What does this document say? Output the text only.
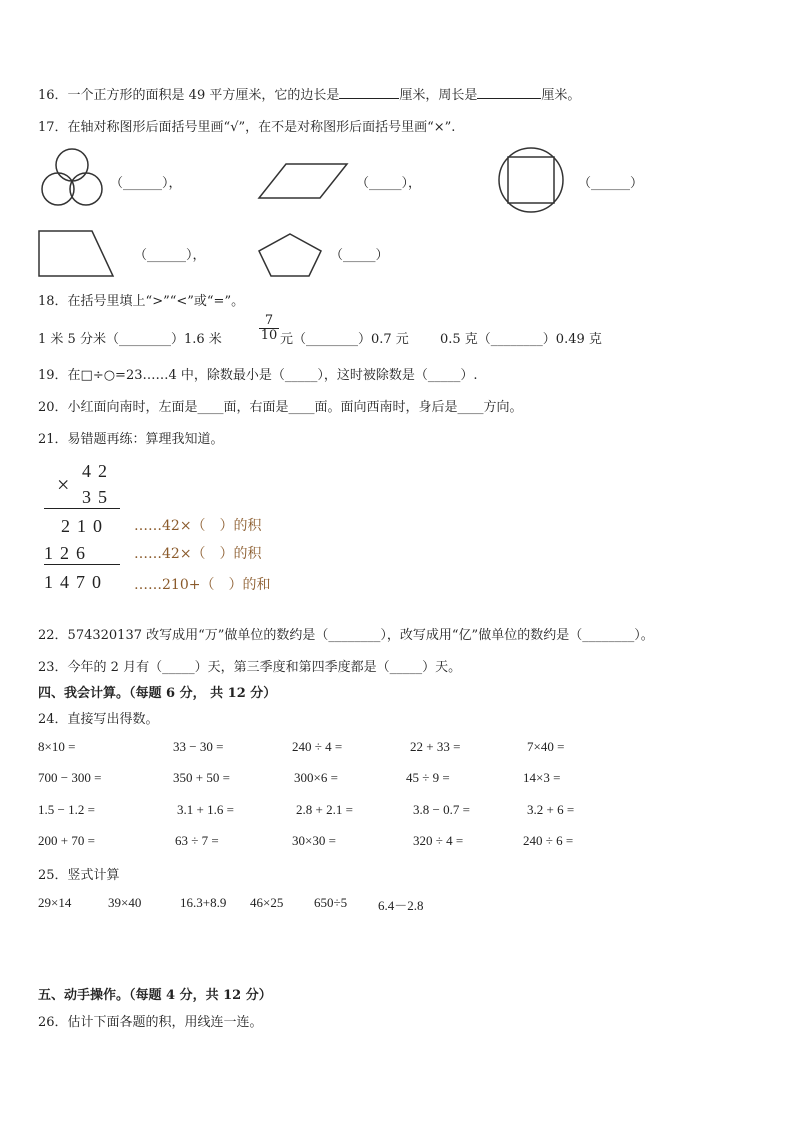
16．一个正方形的面积是 49 平方厘米，它的边长是	厘米，周长是	厘米。
17．在轴对称图形后面括号里画“√”，在不是对称图形后面括号里画“×”.
（______），	（_____），	（______）
（______），	（_____）
18．在括号里填上“>”“<”或“=”。
1 米 5 分米（________）1.6 米	$\frac{7}{10}$ 元（________）0.7 元 0.5 克（________）0.49 克
19．在□÷○=23……4 中，除数最小是（_____），这时被除数是（_____）.
20．小红面向南时，左面是____面，右面是____面。面向西南时，身后是____方向。
21．易错题再练：算理我知道。
×
42
35
210
126
1470
……42×（　）的积
……42×（　）的积
……210+（　）的和
22．574320137 改写成用“万”做单位的数约是（________），改写成用“亿”做单位的数约是（________）。
23．今年的 2 月有（_____）天，第三季度和第四季度都是（_____）天。
四、我会计算。（每题 6 分， 共 12 分）
24．直接写出得数。
8×10 =	33 − 30 =	240 ÷ 4 =	22 + 33 =	7×40 =
700 − 300 =	350 + 50 =	300×6 =	45 ÷ 9 =	14×3 =
1.5 − 1.2 =	3.1 + 1.6 =	2.8 + 2.1 =	3.8 − 0.7 =	3.2 + 6 =
200 + 70 =	63 ÷ 7 =	30×30 =	320 ÷ 4 =	240 ÷ 6 =
25．竖式计算
29×14	39×40	16.3+8.9 46×25 650÷5 6.4－2.8
五、动手操作。（每题 4 分，共 12 分）
26．估计下面各题的积，用线连一连。
